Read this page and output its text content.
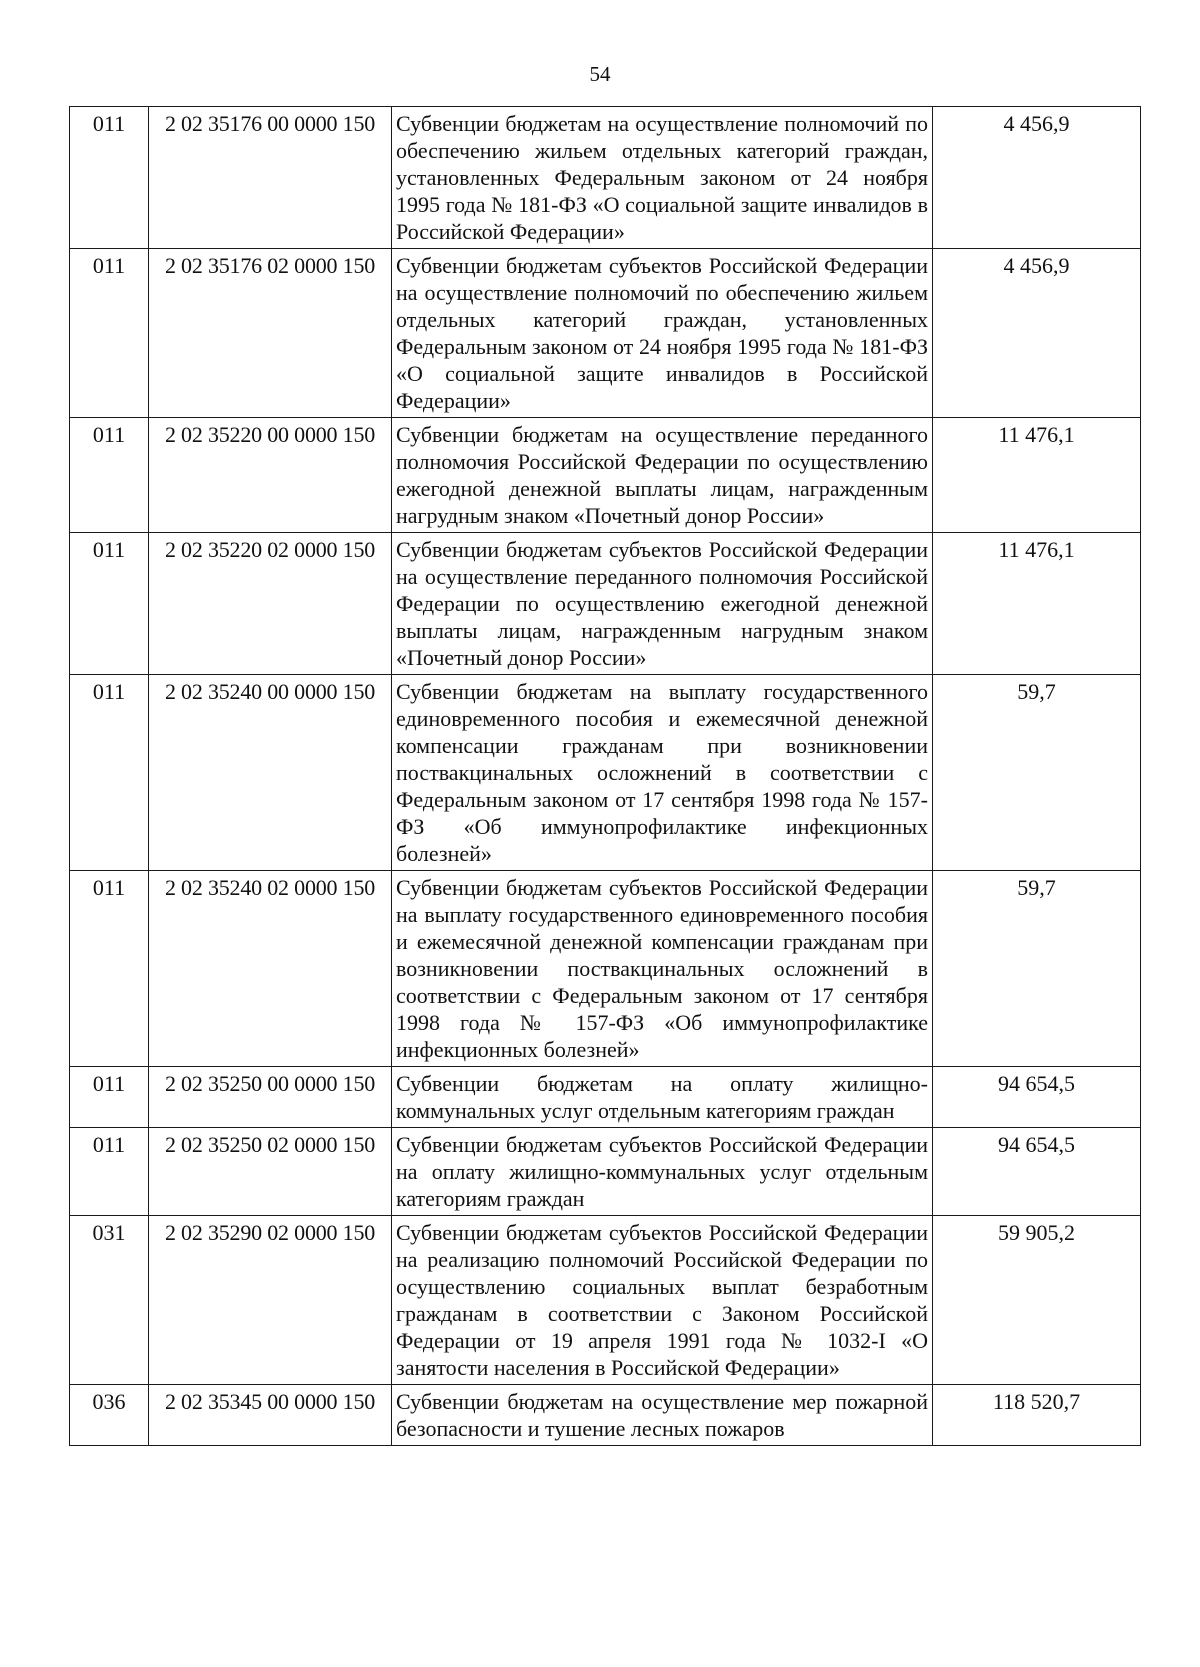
54
011	2 02 35176 00 0000 150	Субвенции бюджетам на осуществление полномочий по обеспечению жильем отдельных категорий граждан, установленных Федеральным законом от 24 ноября 1995 года № 181-ФЗ «О социальной защите инвалидов в Российской Федерации»	4 456,9
011	2 02 35176 02 0000 150	Субвенции бюджетам субъектов Российской Федерации на осуществление полномочий по обеспечению жильем отдельных категорий граждан, установленных Федеральным законом от 24 ноября 1995 года № 181-ФЗ «О социальной защите инвалидов в Российской Федерации»	4 456,9
011	2 02 35220 00 0000 150	Субвенции бюджетам на осуществление переданного полномочия Российской Федерации по осуществлению ежегодной денежной выплаты лицам, награжденным нагрудным знаком «Почетный донор России»	11 476,1
011	2 02 35220 02 0000 150	Субвенции бюджетам субъектов Российской Федерации на осуществление переданного полномочия Российской Федерации по осуществлению ежегодной денежной выплаты лицам, награжденным нагрудным знаком «Почетный донор России»	11 476,1
011	2 02 35240 00 0000 150	Субвенции бюджетам на выплату государственного единовременного пособия и ежемесячной денежной компенсации гражданам при возникновении поствакцинальных осложнений в соответствии с Федеральным законом от 17 сентября 1998 года № 157-ФЗ «Об иммунопрофилактике инфекционных болезней»	59,7
011	2 02 35240 02 0000 150	Субвенции бюджетам субъектов Российской Федерации на выплату государственного единовременного пособия и ежемесячной денежной компенсации гражданам при возникновении поствакцинальных осложнений в соответствии с Федеральным законом от 17 сентября 1998 года № 157-ФЗ «Об иммунопрофилактике инфекционных болезней»	59,7
011	2 02 35250 00 0000 150	Субвенции бюджетам на оплату жилищно-коммунальных услуг отдельным категориям граждан	94 654,5
011	2 02 35250 02 0000 150	Субвенции бюджетам субъектов Российской Федерации на оплату жилищно-коммунальных услуг отдельным категориям граждан	94 654,5
031	2 02 35290 02 0000 150	Субвенции бюджетам субъектов Российской Федерации на реализацию полномочий Российской Федерации по осуществлению социальных выплат безработным гражданам в соответствии с Законом Российской Федерации от 19 апреля 1991 года № 1032-I «О занятости населения в Российской Федерации»	59 905,2
036	2 02 35345 00 0000 150	Субвенции бюджетам на осуществление мер пожарной безопасности и тушение лесных пожаров	118 520,7
